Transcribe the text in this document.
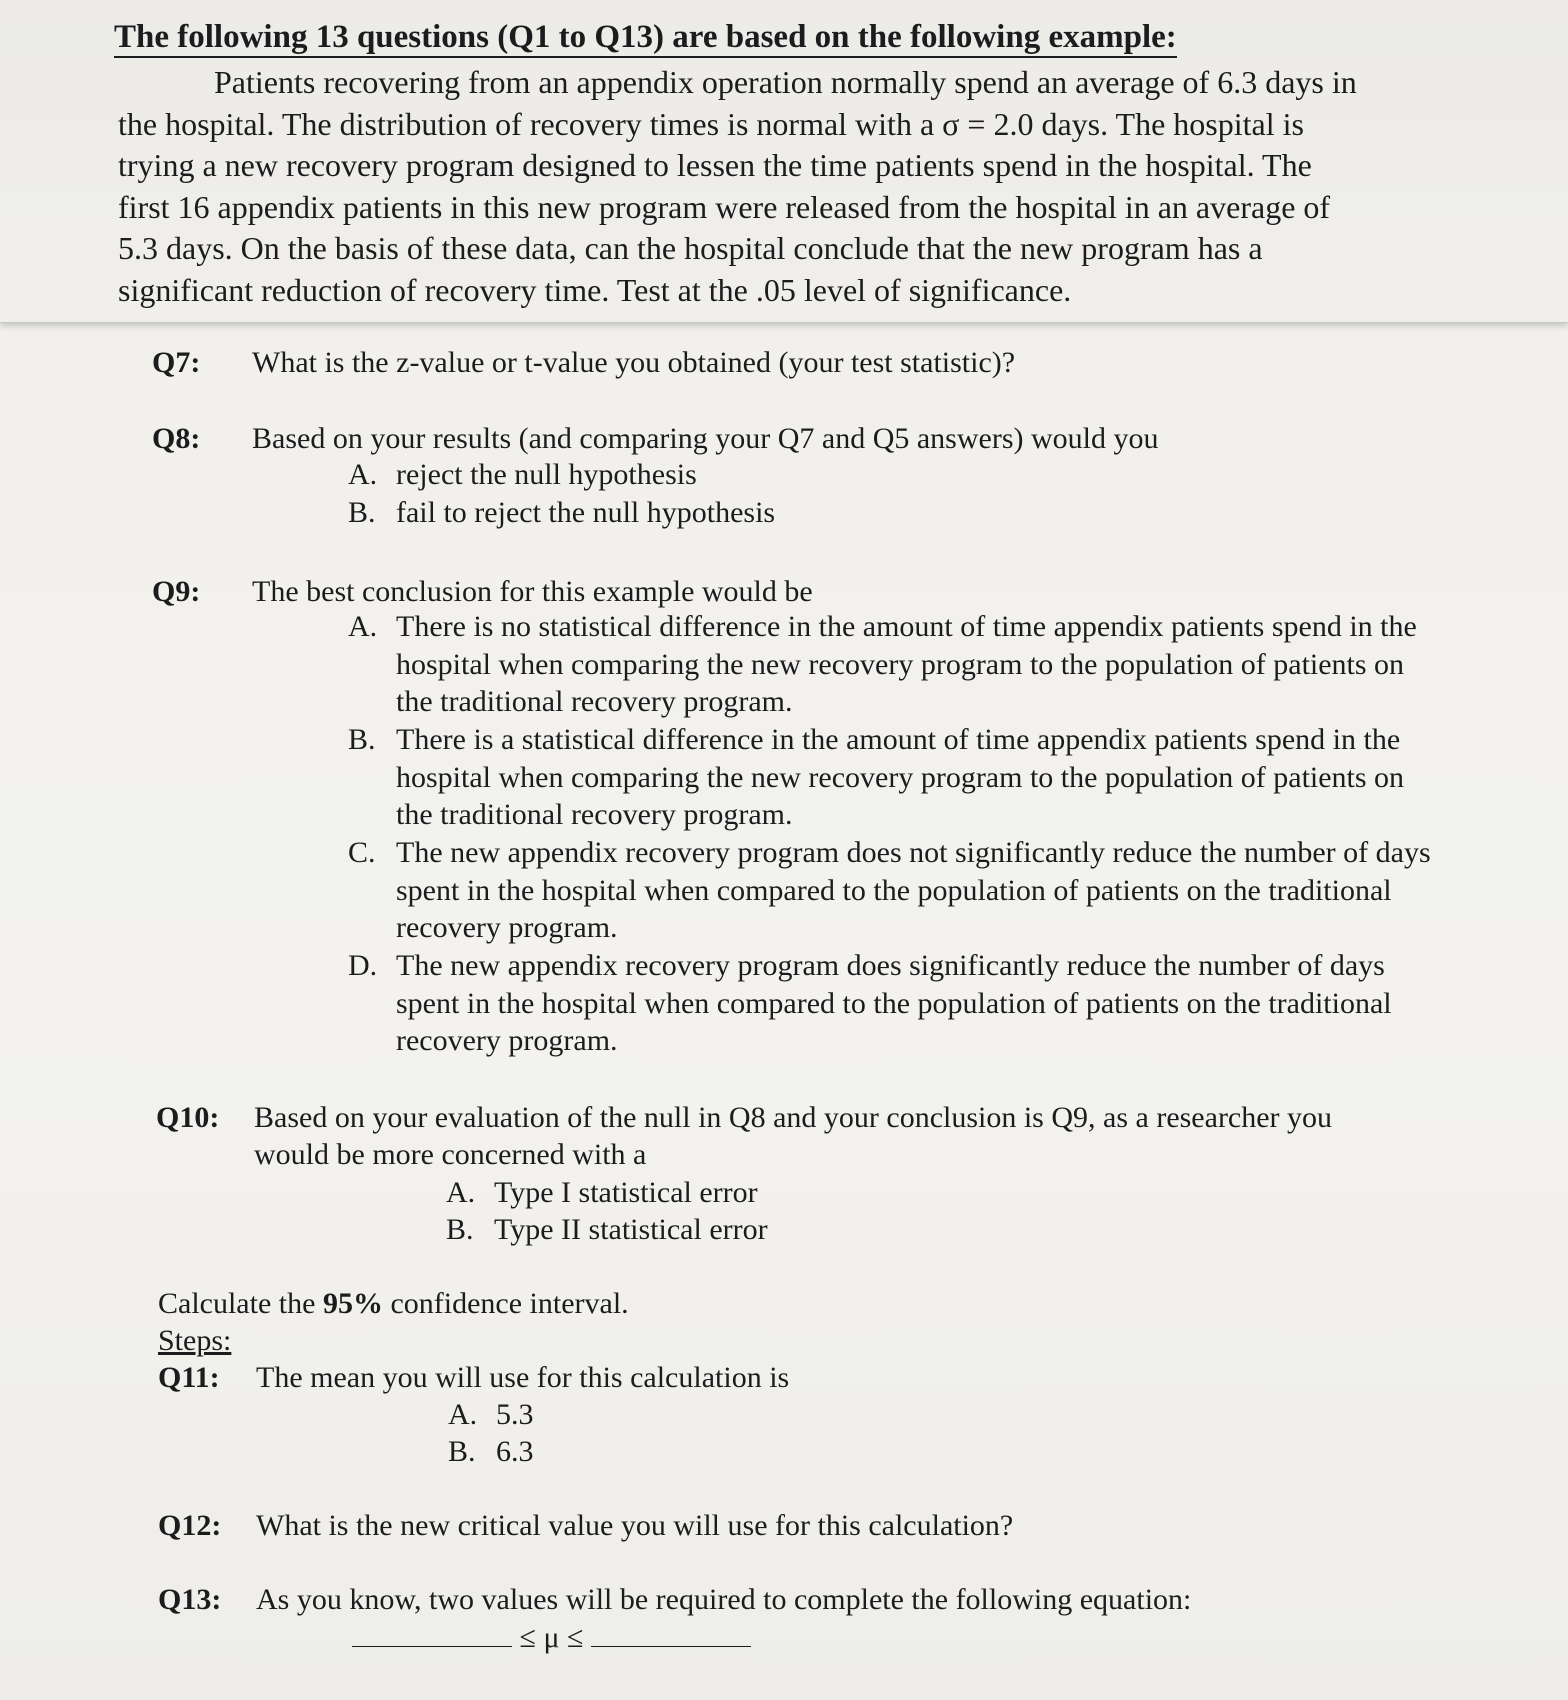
The following 13 questions (Q1 to Q13) are based on the following example:
Patients recovering from an appendix operation normally spend an average of 6.3 days in
the hospital. The distribution of recovery times is normal with a σ = 2.0 days. The hospital is
trying a new recovery program designed to lessen the time patients spend in the hospital. The
first 16 appendix patients in this new program were released from the hospital in an average of
5.3 days. On the basis of these data, can the hospital conclude that the new program has a
significant reduction of recovery time. Test at the .05 level of significance.
Q7: What is the z-value or t-value you obtained (your test statistic)?
Q8: Based on your results (and comparing your Q7 and Q5 answers) would you
A. reject the null hypothesis
B. fail to reject the null hypothesis
Q9: The best conclusion for this example would be
A. There is no statistical difference in the amount of time appendix patients spend in the hospital when comparing the new recovery program to the population of patients on the traditional recovery program.
B. There is a statistical difference in the amount of time appendix patients spend in the hospital when comparing the new recovery program to the population of patients on the traditional recovery program.
C. The new appendix recovery program does not significantly reduce the number of days spent in the hospital when compared to the population of patients on the traditional recovery program.
D. The new appendix recovery program does significantly reduce the number of days spent in the hospital when compared to the population of patients on the traditional recovery program.
Q10: Based on your evaluation of the null in Q8 and your conclusion is Q9, as a researcher you
would be more concerned with a
A. Type I statistical error
B. Type II statistical error
Calculate the 95% confidence interval.
Steps:
Q11: The mean you will use for this calculation is
A. 5.3
B. 6.3
Q12: What is the new critical value you will use for this calculation?
Q13: As you know, two values will be required to complete the following equation:
≤ μ ≤
